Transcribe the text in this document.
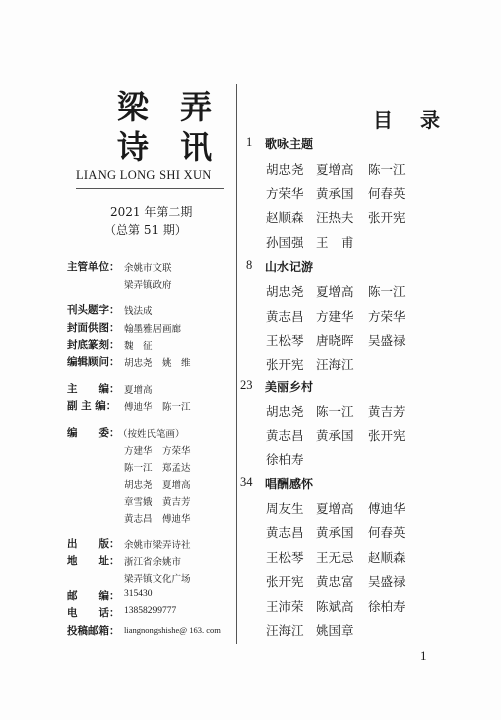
梁 弄
诗 讯
LIANG LONG SHI XUN
2021 年第二期
（总第 51 期）
主管单位： 余姚市文联
梁弄镇政府
刊头题字： 钱法成
封面供图： 翰墨雅居画廊
封底篆刻： 魏　征
编辑顾问： 胡忠尧　姚　维
主　　编： 夏增高
副 主 编： 傅迪华　陈一江
编　　委：
（按姓氏笔画）
方建华　方荣华
陈一江　郑孟达
胡忠尧　夏增高
章雪娥　黄吉芳
黄志昌　傅迪华
出　　版： 余姚市梁弄诗社
地　　址： 浙江省余姚市
梁弄镇文化广场
邮　　编： 315430
电　　话： 13858299777
投稿邮箱： liangnongshishe@ 163. com
目 录
1 歌咏主题
胡忠尧 夏增高 陈一江
方荣华 黄承国 何春英
赵顺森 汪热夫 张开宪
孙国强 王　甫
8 山水记游
胡忠尧 夏增高 陈一江
黄志昌 方建华 方荣华
王松琴 唐晓晖 吴盛禄
张开宪 汪海江
23 美丽乡村
胡忠尧 陈一江 黄吉芳
黄志昌 黄承国 张开宪
徐柏寿
34 唱酬感怀
周友生 夏增高 傅迪华
黄志昌 黄承国 何春英
王松琴 王无忌 赵顺森
张开宪 黄忠富 吴盛禄
王沛荣 陈斌高 徐柏寿
汪海江 姚国章
1
